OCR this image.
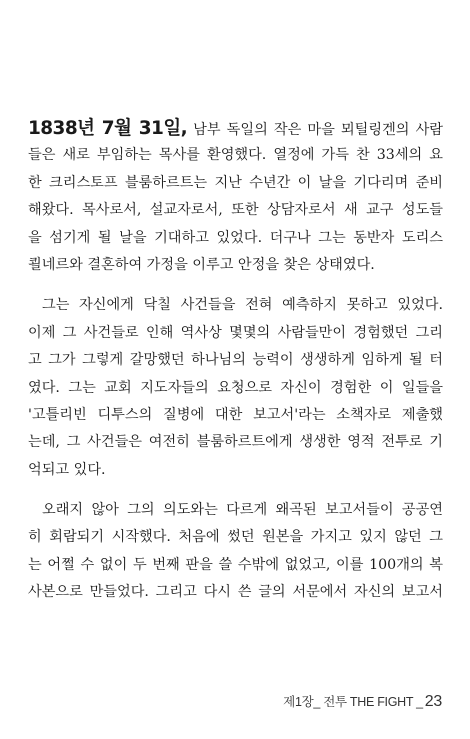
1838년 7월 31일, 남부 독일의 작은 마을 뫼틸링겐의 사람
들은 새로 부임하는 목사를 환영했다. 열정에 가득 찬 33세의 요
한 크리스토프 블룸하르트는 지난 수년간 이 날을 기다리며 준비
해왔다. 목사로서, 설교자로서, 또한 상담자로서 새 교구 성도들
을 섬기게 될 날을 기대하고 있었다. 더구나 그는 동반자 도리스
쾰네르와 결혼하여 가정을 이루고 안정을 찾은 상태였다.
그는 자신에게 닥칠 사건들을 전혀 예측하지 못하고 있었다.
이제 그 사건들로 인해 역사상 몇몇의 사람들만이 경험했던 그리
고 그가 그렇게 갈망했던 하나님의 능력이 생생하게 임하게 될 터
였다. 그는 교회 지도자들의 요청으로 자신이 경험한 이 일들을
'고틀리빈 디투스의 질병에 대한 보고서'라는 소책자로 제출했
는데, 그 사건들은 여전히 블룸하르트에게 생생한 영적 전투로 기
억되고 있다.
오래지 않아 그의 의도와는 다르게 왜곡된 보고서들이 공공연
히 회람되기 시작했다. 처음에 썼던 원본을 가지고 있지 않던 그
는 어쩔 수 없이 두 번째 판을 쓸 수밖에 없었고, 이를 100개의 복
사본으로 만들었다. 그리고 다시 쓴 글의 서문에서 자신의 보고서
제1장_ 전투 THE FIGHT _ 23
